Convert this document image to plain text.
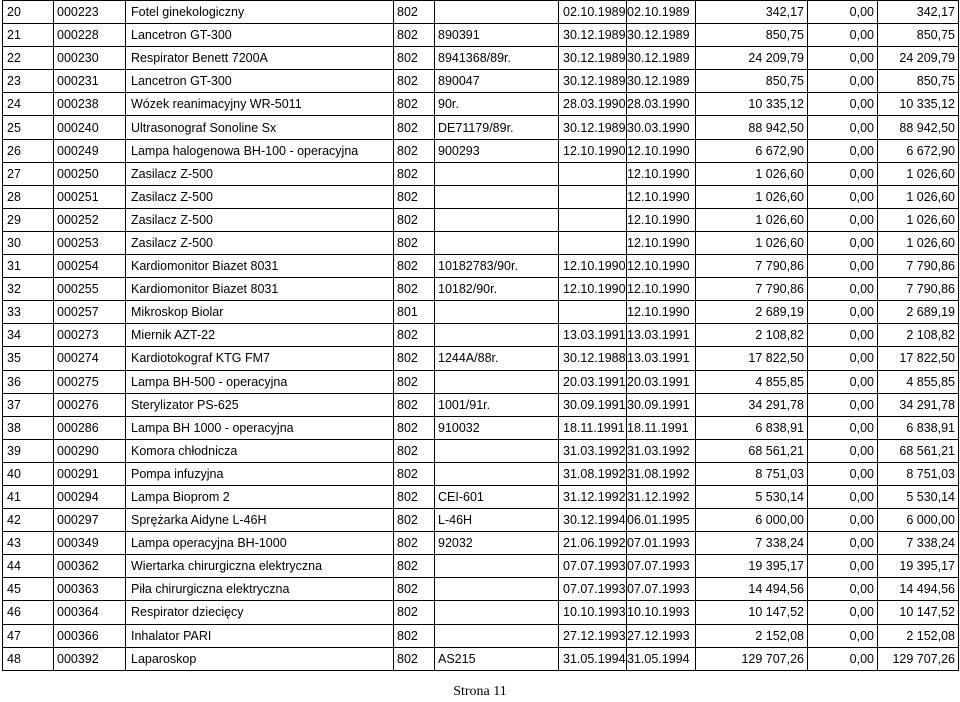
20	000223	Fotel ginekologiczny	802		02.10.1989	02.10.1989	342,17	0,00	342,17
21	000228	Lancetron GT-300	802	890391	30.12.1989	30.12.1989	850,75	0,00	850,75
22	000230	Respirator Benett 7200A	802	8941368/89r.	30.12.1989	30.12.1989	24 209,79	0,00	24 209,79
23	000231	Lancetron GT-300	802	890047	30.12.1989	30.12.1989	850,75	0,00	850,75
24	000238	Wózek reanimacyjny WR-5011	802	90r.	28.03.1990	28.03.1990	10 335,12	0,00	10 335,12
25	000240	Ultrasonograf Sonoline Sx	802	DE71179/89r.	30.12.1989	30.03.1990	88 942,50	0,00	88 942,50
26	000249	Lampa halogenowa BH-100 - operacyjna	802	900293	12.10.1990	12.10.1990	6 672,90	0,00	6 672,90
27	000250	Zasilacz Z-500	802			12.10.1990	1 026,60	0,00	1 026,60
28	000251	Zasilacz Z-500	802			12.10.1990	1 026,60	0,00	1 026,60
29	000252	Zasilacz Z-500	802			12.10.1990	1 026,60	0,00	1 026,60
30	000253	Zasilacz Z-500	802			12.10.1990	1 026,60	0,00	1 026,60
31	000254	Kardiomonitor Biazet 8031	802	10182783/90r.	12.10.1990	12.10.1990	7 790,86	0,00	7 790,86
32	000255	Kardiomonitor Biazet 8031	802	10182/90r.	12.10.1990	12.10.1990	7 790,86	0,00	7 790,86
33	000257	Mikroskop Biolar	801			12.10.1990	2 689,19	0,00	2 689,19
34	000273	Miernik AZT-22	802		13.03.1991	13.03.1991	2 108,82	0,00	2 108,82
35	000274	Kardiotokograf KTG FM7	802	1244A/88r.	30.12.1988	13.03.1991	17 822,50	0,00	17 822,50
36	000275	Lampa BH-500 - operacyjna	802		20.03.1991	20.03.1991	4 855,85	0,00	4 855,85
37	000276	Sterylizator PS-625	802	1001/91r.	30.09.1991	30.09.1991	34 291,78	0,00	34 291,78
38	000286	Lampa BH 1000 - operacyjna	802	910032	18.11.1991	18.11.1991	6 838,91	0,00	6 838,91
39	000290	Komora chłodnicza	802		31.03.1992	31.03.1992	68 561,21	0,00	68 561,21
40	000291	Pompa infuzyjna	802		31.08.1992	31.08.1992	8 751,03	0,00	8 751,03
41	000294	Lampa Bioprom 2	802	CEI-601	31.12.1992	31.12.1992	5 530,14	0,00	5 530,14
42	000297	Sprężarka Aidyne L-46H	802	L-46H	30.12.1994	06.01.1995	6 000,00	0,00	6 000,00
43	000349	Lampa operacyjna BH-1000	802	92032	21.06.1992	07.01.1993	7 338,24	0,00	7 338,24
44	000362	Wiertarka chirurgiczna elektryczna	802		07.07.1993	07.07.1993	19 395,17	0,00	19 395,17
45	000363	Piła chirurgiczna elektryczna	802		07.07.1993	07.07.1993	14 494,56	0,00	14 494,56
46	000364	Respirator dziecięcy	802		10.10.1993	10.10.1993	10 147,52	0,00	10 147,52
47	000366	Inhalator PARI	802		27.12.1993	27.12.1993	2 152,08	0,00	2 152,08
48	000392	Laparoskop	802	AS215	31.05.1994	31.05.1994	129 707,26	0,00	129 707,26
Strona 11
